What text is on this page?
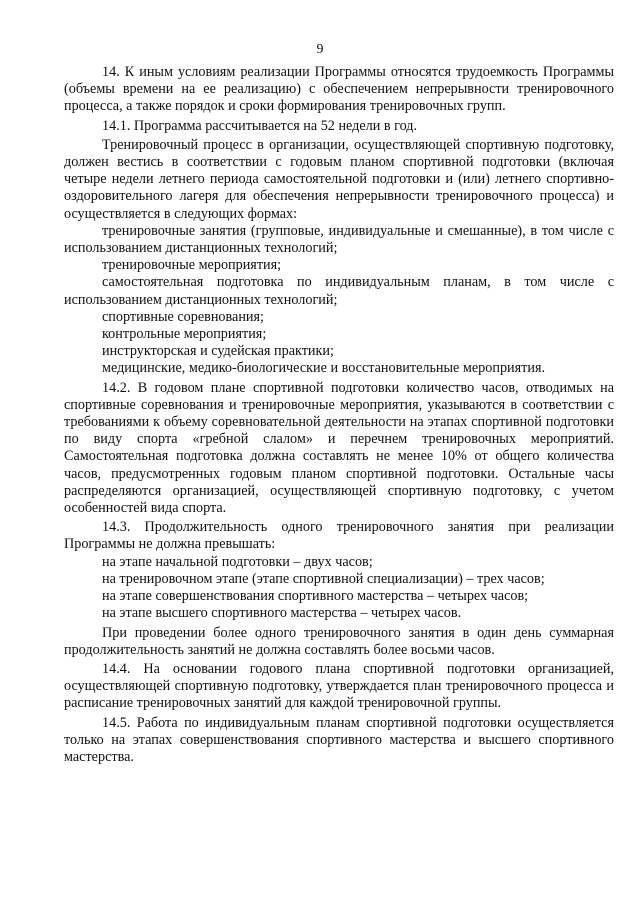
9

14. К иным условиям реализации Программы относятся трудоемкость Программы (объемы времени на ее реализацию) с обеспечением непрерывности тренировочного процесса, а также порядок и сроки формирования тренировочных групп.

14.1. Программа рассчитывается на 52 недели в год.

Тренировочный процесс в организации, осуществляющей спортивную подготовку, должен вестись в соответствии с годовым планом спортивной подготовки (включая четыре недели летнего периода самостоятельной подготовки и (или) летнего спортивно-оздоровительного лагеря для обеспечения непрерывности тренировочного процесса) и осуществляется в следующих формах:

тренировочные занятия (групповые, индивидуальные и смешанные), в том числе с использованием дистанционных технологий;

тренировочные мероприятия;

самостоятельная подготовка по индивидуальным планам, в том числе с использованием дистанционных технологий;

спортивные соревнования;

контрольные мероприятия;

инструкторская и судейская практики;

медицинские, медико-биологические и восстановительные мероприятия.

14.2. В годовом плане спортивной подготовки количество часов, отводимых на спортивные соревнования и тренировочные мероприятия, указываются в соответствии с требованиями к объему соревновательной деятельности на этапах спортивной подготовки по виду спорта «гребной слалом» и перечнем тренировочных мероприятий. Самостоятельная подготовка должна составлять не менее 10% от общего количества часов, предусмотренных годовым планом спортивной подготовки. Остальные часы распределяются организацией, осуществляющей спортивную подготовку, с учетом особенностей вида спорта.

14.3. Продолжительность одного тренировочного занятия при реализации Программы не должна превышать:

на этапе начальной подготовки – двух часов;

на тренировочном этапе (этапе спортивной специализации) – трех часов;

на этапе совершенствования спортивного мастерства – четырех часов;

на этапе высшего спортивного мастерства – четырех часов.

При проведении более одного тренировочного занятия в один день суммарная продолжительность занятий не должна составлять более восьми часов.

14.4. На основании годового плана спортивной подготовки организацией, осуществляющей спортивную подготовку, утверждается план тренировочного процесса и расписание тренировочных занятий для каждой тренировочной группы.

14.5. Работа по индивидуальным планам спортивной подготовки осуществляется только на этапах совершенствования спортивного мастерства и высшего спортивного мастерства.
